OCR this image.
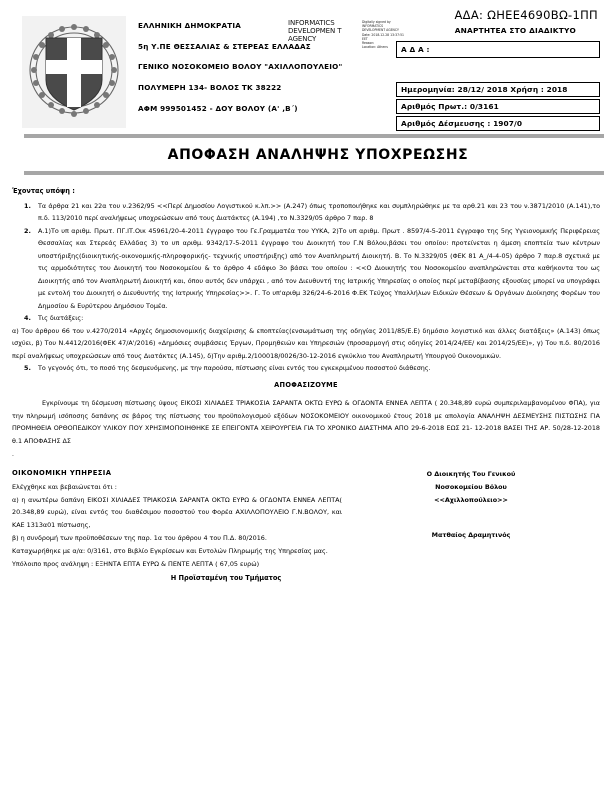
ΕΛΛΗΝΙΚΗ ΔΗΜΟΚΡΑΤΙΑ
5η Υ.ΠΕ ΘΕΣΣΑΛΙΑΣ & ΣΤΕΡΕΑΣ ΕΛΛΑΔΑΣ
ΓΕΝΙΚΟ ΝΟΣΟΚΟΜΕΙΟ ΒΟΛΟΥ "ΑΧΙΛΛΟΠΟΥΛΕΙΟ"
ΠΟΛΥΜΕΡΗ 134- ΒΟΛΟΣ ΤΚ 38222
ΑΦΜ 999501452 - ΔΟΥ ΒΟΛΟΥ (Α' ,Β΄)
INFORMATICS DEVELOPMEN T AGENCY
Digitally signed by
INFORMATICS
DEVELOPMENT AGENCY
Date: 2018.12.28 13:37:51
EET
Reason:
Location: Athens
ΑΔΑ: ΩΗΕΕ4690ΒΩ-1ΠΠ
ΑΝΑΡΤΗΤΕΑ ΣΤΟ ΔΙΑΔΙΚΤΥΟ
Α Δ Α :
Ημερομηνία: 28/12/ 2018 Χρήση : 2018
Αριθμός Πρωτ.: 0/3161
Αριθμός Δέσμευσης : 1907/0
ΑΠΟΦΑΣΗ ΑΝΑΛΗΨΗΣ ΥΠΟΧΡΕΩΣΗΣ
Έχοντας υπόψη :
1.	Τα άρθρα 21 και 22α του ν.2362/95 <<Περί Δημοσίου Λογιστικού κ.λπ.>> (Α.247) όπως τροποποιήθηκε και συμπληρώθηκε με τα αρθ.21 και 23 του ν.3871/2010 (Α.141),το π.δ. 113/2010 περί αναλήψεως υποχρεώσεων από τους Διατάκτες (Α.194) ,το Ν.3329/05 άρθρο 7 παρ. 8
2.	Α.1)Το υπ αριθμ. Πρωτ. ΠΓ.ΙΤ.Οικ 45961/20-4-2011 έγγραφο του Γε.Γραμματέα του ΥΥΚΑ, 2)Το υπ αριθμ. Πρωτ . 8597/4-5-2011 έγγραφο της 5ης Υγειονομικής Περιφέρειας Θεσσαλίας και Στερεάς Ελλάδας 3) το υπ αριθμ. 9342/17-5-2011 έγγραφο του Διοικητή του Γ.Ν Βόλου,βάσει του οποίου: προτείνεται η άμεση εποπτεία των κέντρων υποστήριξης(διοικητικής-οικονομικής-πληροφορικής- τεχνικής υποστήριξης) από τον Αναπληρωτή Διοικητή. Β. Το Ν.3329/05 (ΦΕΚ 81 Α_/4-4-05) άρθρο 7 παρ.8 σχετικά με τις αρμοδιότητες του Διοικητή του Νοσοκομείου & το άρθρο 4 εδάφιο 3ο βάσει του οποίου : <<Ο Διοικητής του Νοσοκομείου αναπληρώνεται στα καθήκοντα του ως Διοικητής από τον Αναπληρωτή Διοικητή και, όπου αυτός δεν υπάρχει , από τον Διευθυντή της Ιατρικής Υπηρεσίας ο οποίος περί μεταβίβασης εξουσίας μπορεί να υπογράφει με εντολή του Διοικητή ο Διευθυντής της Ιατρικής Υπηρεσίας>>. Γ. Το υπ'αριθμ 326/24-6-2016 Φ.ΕΚ Τεύχος Υπαλλήλων Ειδικών Θέσεων & Οργάνων Διοίκησης Φορέων του Δημοσίου & Ευρύτερου Δημόσιου Τομέα.
4.	Τις διατάξεις:
α) Του άρθρου 66 του ν.4270/2014 «Αρχές δημοσιονομικής διαχείρισης & εποπτείας(ενσωμάτωση της οδηγίας 2011/85/Ε.Ε) δημόσιο λογιστικό και άλλες διατάξεις» (Α.143) όπως ισχύει, β) Του Ν.4412/2016(ΦΕΚ 47/Α'/2016) «Δημόσιες συμβάσεις Έργων, Προμηθειών και Υπηρεσιών (προσαρμογή στις οδηγίες 2014/24/ΕΕ/ και 2014/25/ΕΕ)», γ) Του π.δ. 80/2016 περί αναλήψεως υποχρεώσεων από τους Διατάκτες (Α.145), δ)Την αριθμ.2/100018/0026/30-12-2016 εγκύκλιο του Αναπληρωτή Υπουργού Οικονομικών.
5.	Το γεγονός ότι, το ποσό της δεσμευόμενης, με την παρούσα, πίστωσης είναι εντός του εγκεκριμένου ποσοστού διάθεσης.
ΑΠΟΦΑΣΙΖΟΥΜΕ
Εγκρίνουμε τη δέσμευση πίστωσης ύψους ΕΙΚΟΣΙ ΧΙΛΙΑΔΕΣ ΤΡΙΑΚΟΣΙΑ ΣΑΡΑΝΤΑ ΟΚΤΩ ΕΥΡΩ & ΟΓΔΟΝΤΑ ΕΝΝΕΑ ΛΕΠΤΑ ( 20.348,89 ευρώ συμπεριλαμβανομένου ΦΠΑ), για την πληρωμή ισόποσης δαπάνης σε βάρος της πίστωσης του προϋπολογισμού εξόδων ΝΟΣΟΚΟΜΕΙΟΥ οικονομικού έτους 2018 με απολογία ΑΝΑΛΗΨΗ ΔΕΣΜΕΥΣΗΣ ΠΙΣΤΩΣΗΣ ΓΙΑ ΠΡΟΜΗΘΕΙΑ ΟΡΘΟΠΕΔΙΚΟΥ ΥΛΙΚΟΥ ΠΟΥ ΧΡΗΣΙΜΟΠΟΙΗΘΗΚΕ ΣΕ ΕΠΕΙΓΟΝΤΑ ΧΕΙΡΟΥΡΓΕΙΑ ΓΙΑ ΤΟ ΧΡΟΝΙΚΟ ΔΙΑΣΤΗΜΑ ΑΠΟ 29-6-2018 ΕΩΣ 21- 12-2018 ΒΑΣΕΙ ΤΗΣ ΑΡ. 50/28-12-2018 θ.1 ΑΠΟΦΑΣΗΣ ΔΣ
.
ΟΙΚΟΝΟΜΙΚΗ ΥΠΗΡΕΣΙΑ
Ελέγχθηκε και βεβαιώνεται ότι :
α) η ανωτέρω δαπάνη ΕΙΚΟΣΙ ΧΙΛΙΑΔΕΣ ΤΡΙΑΚΟΣΙΑ ΣΑΡΑΝΤΑ ΟΚΤΩ ΕΥΡΩ & ΟΓΔΟΝΤΑ ΕΝΝΕΑ ΛΕΠΤΑ( 20.348,89 ευρώ), είναι εντός του διαθέσιμου ποσοστού του Φορέα ΑΧΙΛΛΟΠΟΥΛΕΙΟ Γ.Ν.ΒΟΛΟΥ, και ΚΑΕ 1313α01 πίστωσης,
β) η συνδρομή των προϋποθέσεων της παρ. 1α του άρθρου 4 του Π.Δ. 80/2016.
Καταχωρήθηκε με α/α: 0/3161, στο Βιβλίο Εγκρίσεων και Εντολών Πληρωμής της Υπηρεσίας μας.
Υπόλοιπο προς ανάληψη : ΕΞΗΝΤΑ ΕΠΤΑ ΕΥΡΩ & ΠΕΝΤΕ ΛΕΠΤΑ ( 67,05 ευρώ)
Ο Διοικητής Του Γενικού
Νοσοκομείου Βόλου
<<Αχιλλοπούλειο>>
Ματθαίος Δραμητινός
Η Προϊσταμένη του Τμήματος
